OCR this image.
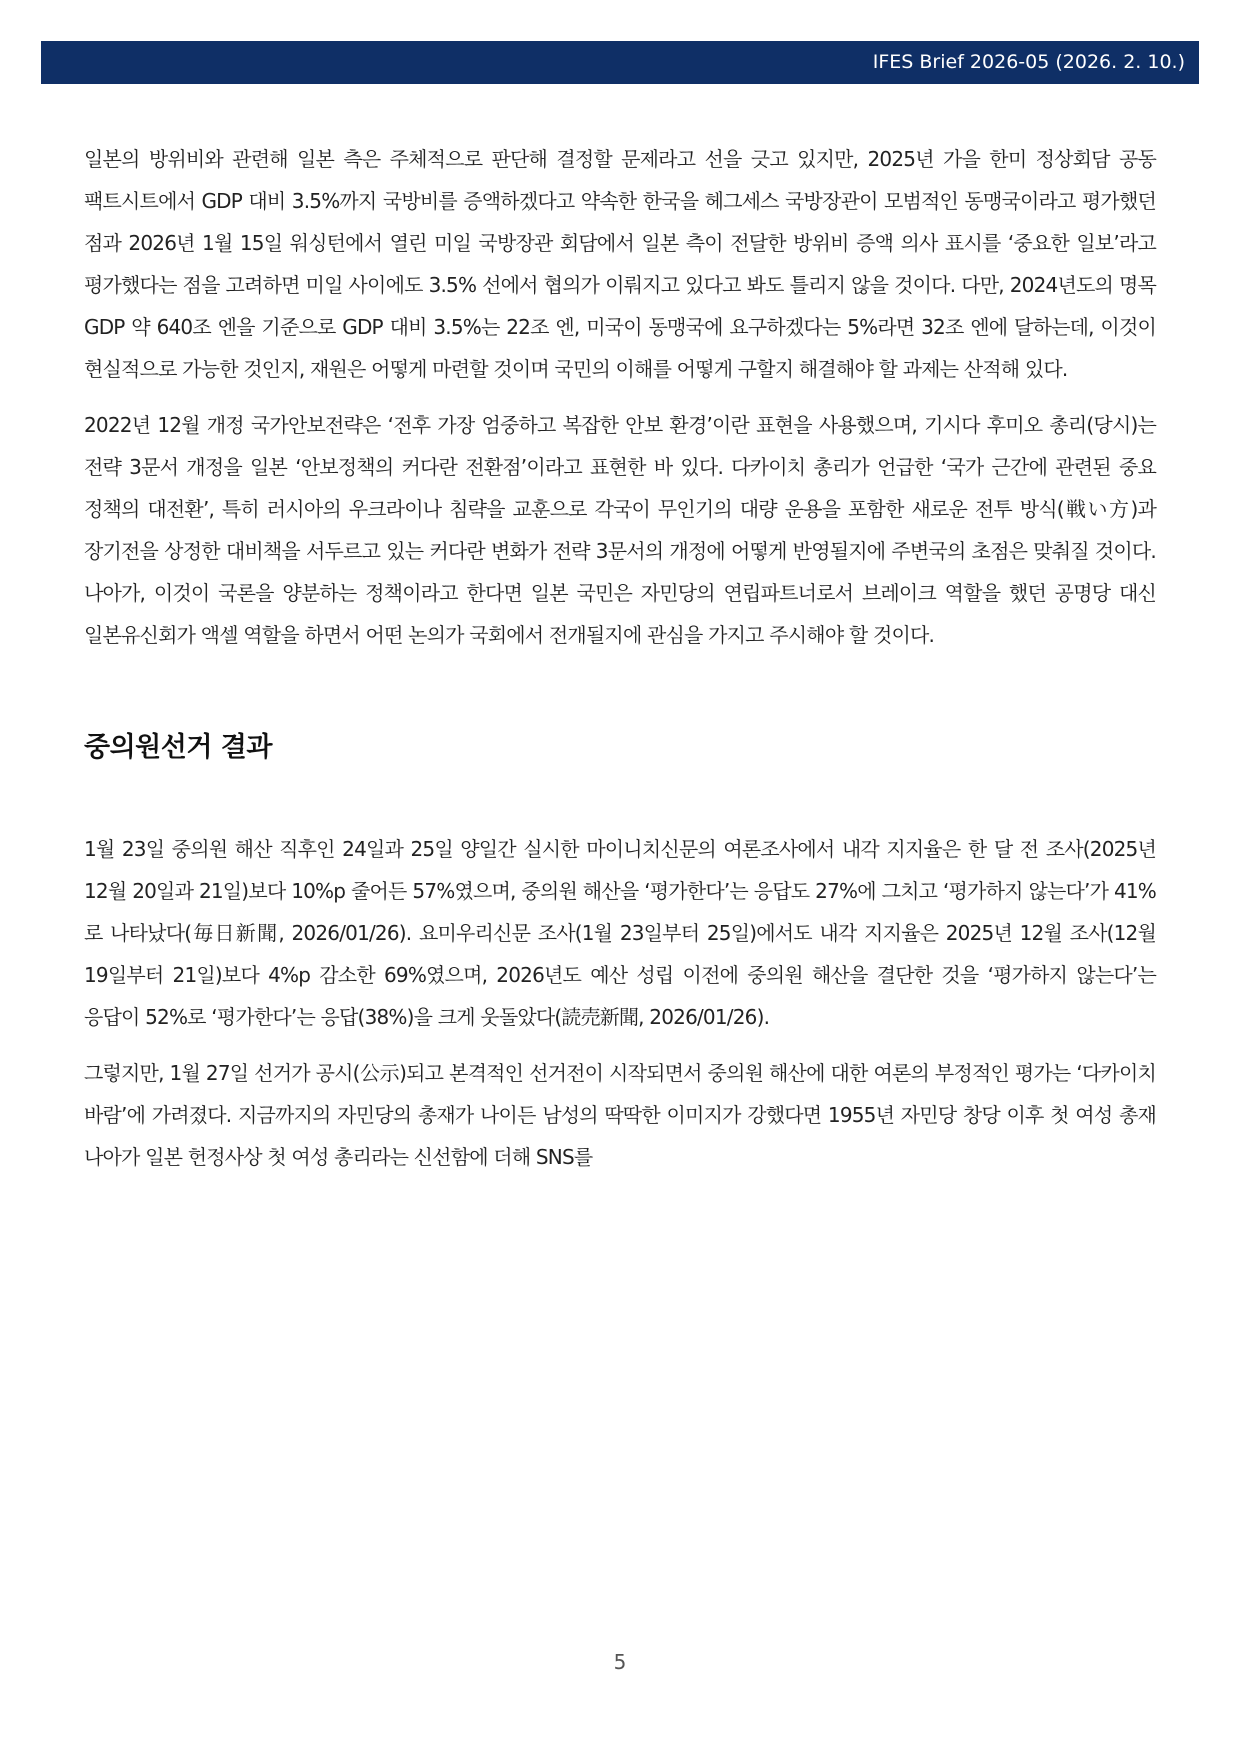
IFES Brief 2026-05 (2026. 2. 10.)

일본의 방위비와 관련해 일본 측은 주체적으로 판단해 결정할 문제라고 선을 긋고 있지만, 2025년 가을 한미 정상회담 공동 팩트시트에서 GDP 대비 3.5%까지 국방비를 증액하겠다고 약속한 한국을 헤그세스 국방장관이 모범적인 동맹국이라고 평가했던 점과 2026년 1월 15일 워싱턴에서 열린 미일 국방장관 회담에서 일본 측이 전달한 방위비 증액 의사 표시를 ‘중요한 일보’라고 평가했다는 점을 고려하면 미일 사이에도 3.5% 선에서 협의가 이뤄지고 있다고 봐도 틀리지 않을 것이다. 다만, 2024년도의 명목 GDP 약 640조 엔을 기준으로 GDP 대비 3.5%는 22조 엔, 미국이 동맹국에 요구하겠다는 5%라면 32조 엔에 달하는데, 이것이 현실적으로 가능한 것인지, 재원은 어떻게 마련할 것이며 국민의 이해를 어떻게 구할지 해결해야 할 과제는 산적해 있다.

2022년 12월 개정 국가안보전략은 ‘전후 가장 엄중하고 복잡한 안보 환경’이란 표현을 사용했으며, 기시다 후미오 총리(당시)는 전략 3문서 개정을 일본 ‘안보정책의 커다란 전환점’이라고 표현한 바 있다. 다카이치 총리가 언급한 ‘국가 근간에 관련된 중요 정책의 대전환’, 특히 러시아의 우크라이나 침략을 교훈으로 각국이 무인기의 대량 운용을 포함한 새로운 전투 방식(戦い方)과 장기전을 상정한 대비책을 서두르고 있는 커다란 변화가 전략 3문서의 개정에 어떻게 반영될지에 주변국의 초점은 맞춰질 것이다. 나아가, 이것이 국론을 양분하는 정책이라고 한다면 일본 국민은 자민당의 연립파트너로서 브레이크 역할을 했던 공명당 대신 일본유신회가 액셀 역할을 하면서 어떤 논의가 국회에서 전개될지에 관심을 가지고 주시해야 할 것이다.

중의원선거 결과

1월 23일 중의원 해산 직후인 24일과 25일 양일간 실시한 마이니치신문의 여론조사에서 내각 지지율은 한 달 전 조사(2025년 12월 20일과 21일)보다 10%p 줄어든 57%였으며, 중의원 해산을 ‘평가한다’는 응답도 27%에 그치고 ‘평가하지 않는다’가 41%로 나타났다(毎日新聞, 2026/01/26). 요미우리신문 조사(1월 23일부터 25일)에서도 내각 지지율은 2025년 12월 조사(12월 19일부터 21일)보다 4%p 감소한 69%였으며, 2026년도 예산 성립 이전에 중의원 해산을 결단한 것을 ‘평가하지 않는다’는 응답이 52%로 ‘평가한다’는 응답(38%)을 크게 웃돌았다(読売新聞, 2026/01/26).

그렇지만, 1월 27일 선거가 공시(公示)되고 본격적인 선거전이 시작되면서 중의원 해산에 대한 여론의 부정적인 평가는 ‘다카이치 바람’에 가려졌다. 지금까지의 자민당의 총재가 나이든 남성의 딱딱한 이미지가 강했다면 1955년 자민당 창당 이후 첫 여성 총재 나아가 일본 헌정사상 첫 여성 총리라는 신선함에 더해 SNS를

5
